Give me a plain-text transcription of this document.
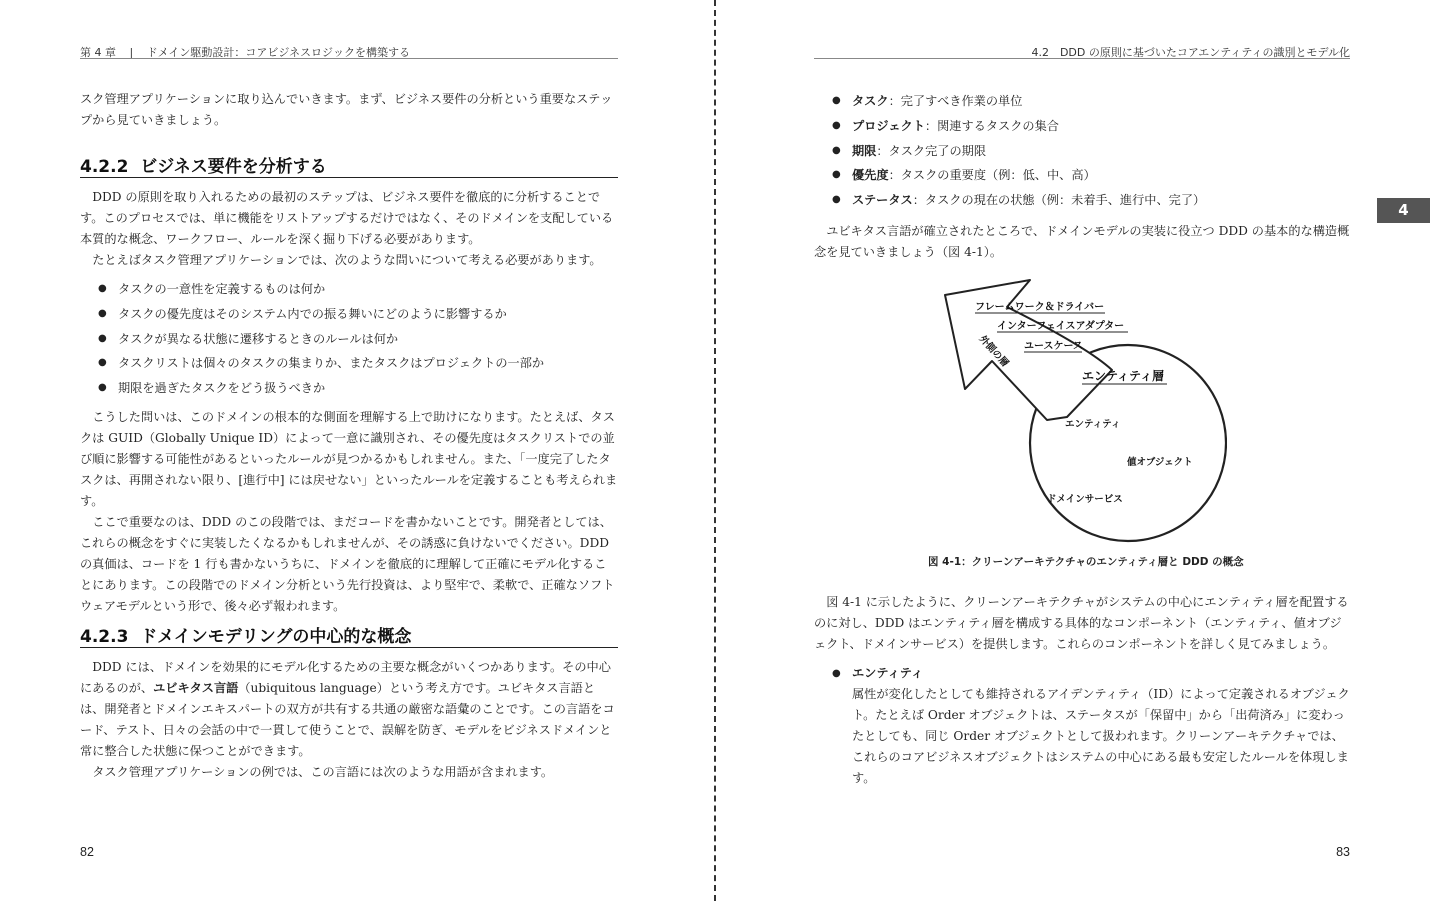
第 4 章 | ドメイン駆動設計：コアビジネスロジックを構築する

スク管理アプリケーションに取り込んでいきます。まず、ビジネス要件の分析という重要なステップから見ていきましょう。

4.2.2 ビジネス要件を分析する

DDD の原則を取り入れるための最初のステップは、ビジネス要件を徹底的に分析することです。このプロセスでは、単に機能をリストアップするだけではなく、そのドメインを支配している本質的な概念、ワークフロー、ルールを深く掘り下げる必要があります。

たとえばタスク管理アプリケーションでは、次のような問いについて考える必要があります。

● タスクの一意性を定義するものは何か
● タスクの優先度はそのシステム内での振る舞いにどのように影響するか
● タスクが異なる状態に遷移するときのルールは何か
● タスクリストは個々のタスクの集まりか、またタスクはプロジェクトの一部か
● 期限を過ぎたタスクをどう扱うべきか

こうした問いは、このドメインの根本的な側面を理解する上で助けになります。たとえば、タスクは GUID（Globally Unique ID）によって一意に識別され、その優先度はタスクリストでの並び順に影響する可能性があるといったルールが見つかるかもしれません。また、「一度完了したタスクは、再開されない限り、[進行中] には戻せない」といったルールを定義することも考えられます。

ここで重要なのは、DDD のこの段階では、まだコードを書かないことです。開発者としては、これらの概念をすぐに実装したくなるかもしれませんが、その誘惑に負けないでください。DDD の真価は、コードを 1 行も書かないうちに、ドメインを徹底的に理解して正確にモデル化することにあります。この段階でのドメイン分析という先行投資は、より堅牢で、柔軟で、正確なソフトウェアモデルという形で、後々必ず報われます。

4.2.3 ドメインモデリングの中心的な概念

DDD には、ドメインを効果的にモデル化するための主要な概念がいくつかあります。その中心にあるのが、ユビキタス言語（ubiquitous language）という考え方です。ユビキタス言語とは、開発者とドメインエキスパートの双方が共有する共通の厳密な語彙のことです。この言語をコード、テスト、日々の会話の中で一貫して使うことで、誤解を防ぎ、モデルをビジネスドメインと常に整合した状態に保つことができます。

タスク管理アプリケーションの例では、この言語には次のような用語が含まれます。

82
4.2　DDD の原則に基づいたコアエンティティの識別とモデル化
● タスク：完了すべき作業の単位
● プロジェクト：関連するタスクの集合
● 期限：タスク完了の期限
● 優先度：タスクの重要度（例：低、中、高）
● ステータス：タスクの現在の状態（例：未着手、進行中、完了）

ユビキタス言語が確立されたところで、ドメインモデルの実装に役立つ DDD の基本的な構造概念を見ていきましょう（図 4-1）。

フレームワーク＆ドライバー
インターフェイスアダプター
ユースケース
外側の層
エンティティ層
エンティティ
値オブジェクト
ドメインサービス
図 4-1：クリーンアーキテクチャのエンティティ層と DDD の概念

図 4-1 に示したように、クリーンアーキテクチャがシステムの中心にエンティティ層を配置するのに対し、DDD はエンティティ層を構成する具体的なコンポーネント（エンティティ、値オブジェクト、ドメインサービス）を提供します。これらのコンポーネントを詳しく見てみましょう。

● エンティティ

属性が変化したとしても維持されるアイデンティティ（ID）によって定義されるオブジェクト。たとえば Order オブジェクトは、ステータスが「保留中」から「出荷済み」に変わったとしても、同じ Order オブジェクトとして扱われます。クリーンアーキテクチャでは、これらのコアビジネスオブジェクトはシステムの中心にある最も安定したルールを体現します。

83
4
